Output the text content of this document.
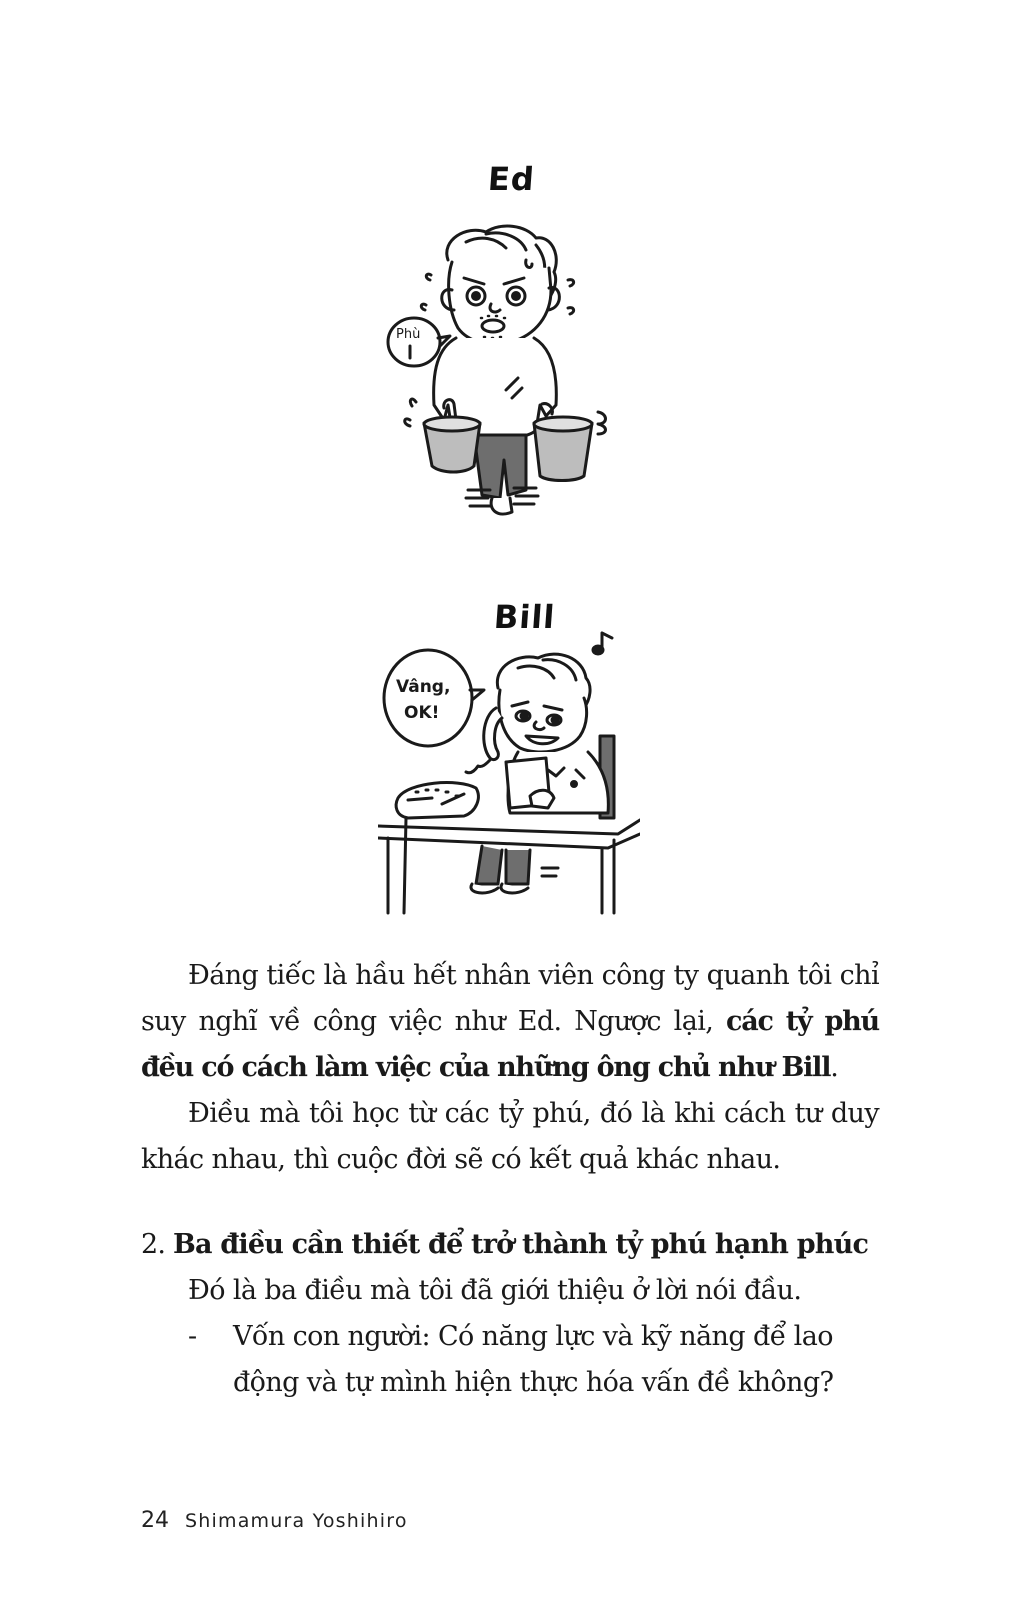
Ed
Phù
Bill
Vâng,
OK!

Đáng tiếc là hầu hết nhân viên công ty quanh tôi chỉ suy nghĩ về công việc như Ed. Ngược lại, các tỷ phú đều có cách làm việc của những ông chủ như Bill.

Điều mà tôi học từ các tỷ phú, đó là khi cách tư duy khác nhau, thì cuộc đời sẽ có kết quả khác nhau.

2. Ba điều cần thiết để trở thành tỷ phú hạnh phúc

Đó là ba điều mà tôi đã giới thiệu ở lời nói đầu.

-	Vốn con người: Có năng lực và kỹ năng để lao động và tự mình hiện thực hóa vấn đề không?
24 Shimamura Yoshihiro
